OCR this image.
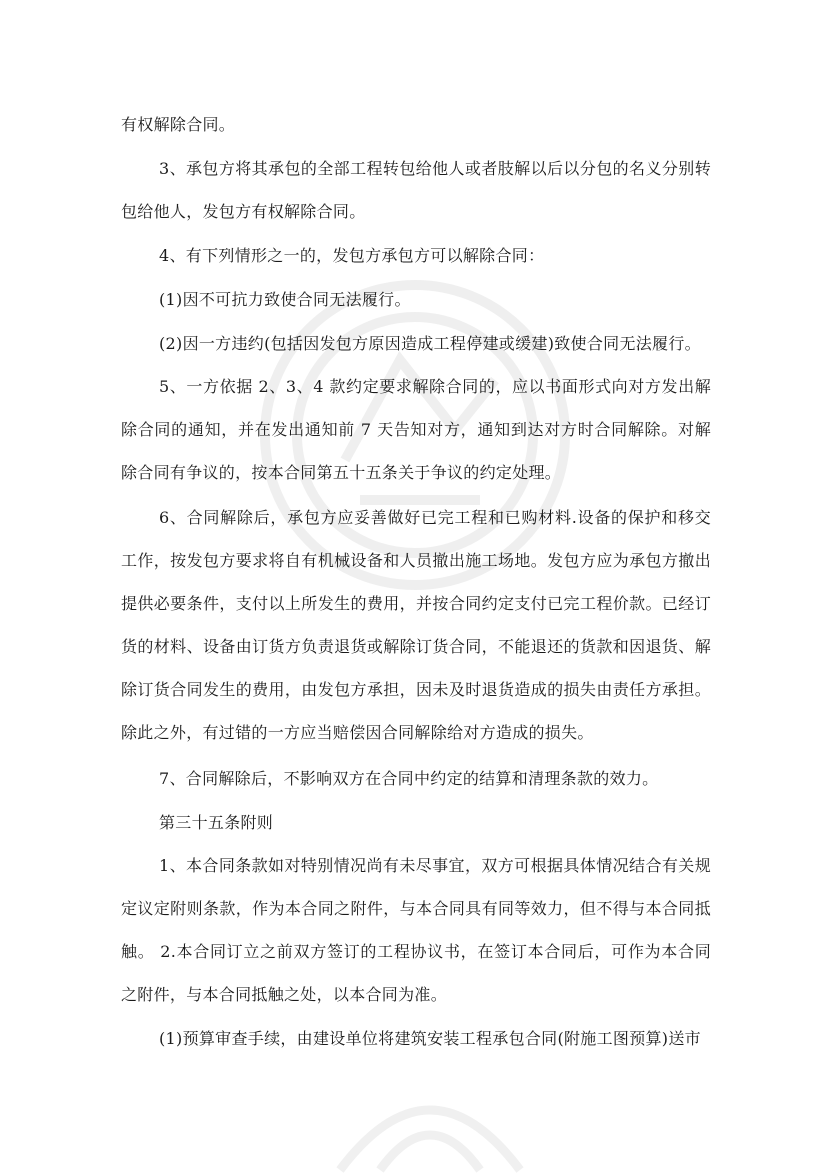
有权解除合同。

3、承包方将其承包的全部工程转包给他人或者肢解以后以分包的名义分别转包给他人，发包方有权解除合同。

4、有下列情形之一的，发包方承包方可以解除合同：

(1)因不可抗力致使合同无法履行。

(2)因一方违约(包括因发包方原因造成工程停建或缓建)致使合同无法履行。

5、一方依据 2、3、4 款约定要求解除合同的，应以书面形式向对方发出解除合同的通知，并在发出通知前 7 天告知对方，通知到达对方时合同解除。对解除合同有争议的，按本合同第五十五条关于争议的约定处理。

6、合同解除后，承包方应妥善做好已完工程和已购材料.设备的保护和移交工作，按发包方要求将自有机械设备和人员撤出施工场地。发包方应为承包方撤出提供必要条件，支付以上所发生的费用，并按合同约定支付已完工程价款。已经订货的材料、设备由订货方负责退货或解除订货合同，不能退还的货款和因退货、解除订货合同发生的费用，由发包方承担，因未及时退货造成的损失由责任方承担。除此之外，有过错的一方应当赔偿因合同解除给对方造成的损失。

7、合同解除后，不影响双方在合同中约定的结算和清理条款的效力。

第三十五条附则

1、本合同条款如对特别情况尚有未尽事宜，双方可根据具体情况结合有关规定议定附则条款，作为本合同之附件，与本合同具有同等效力，但不得与本合同抵触。 2.本合同订立之前双方签订的工程协议书，在签订本合同后，可作为本合同之附件，与本合同抵触之处，以本合同为准。

(1)预算审查手续，由建设单位将建筑安装工程承包合同(附施工图预算)送市
